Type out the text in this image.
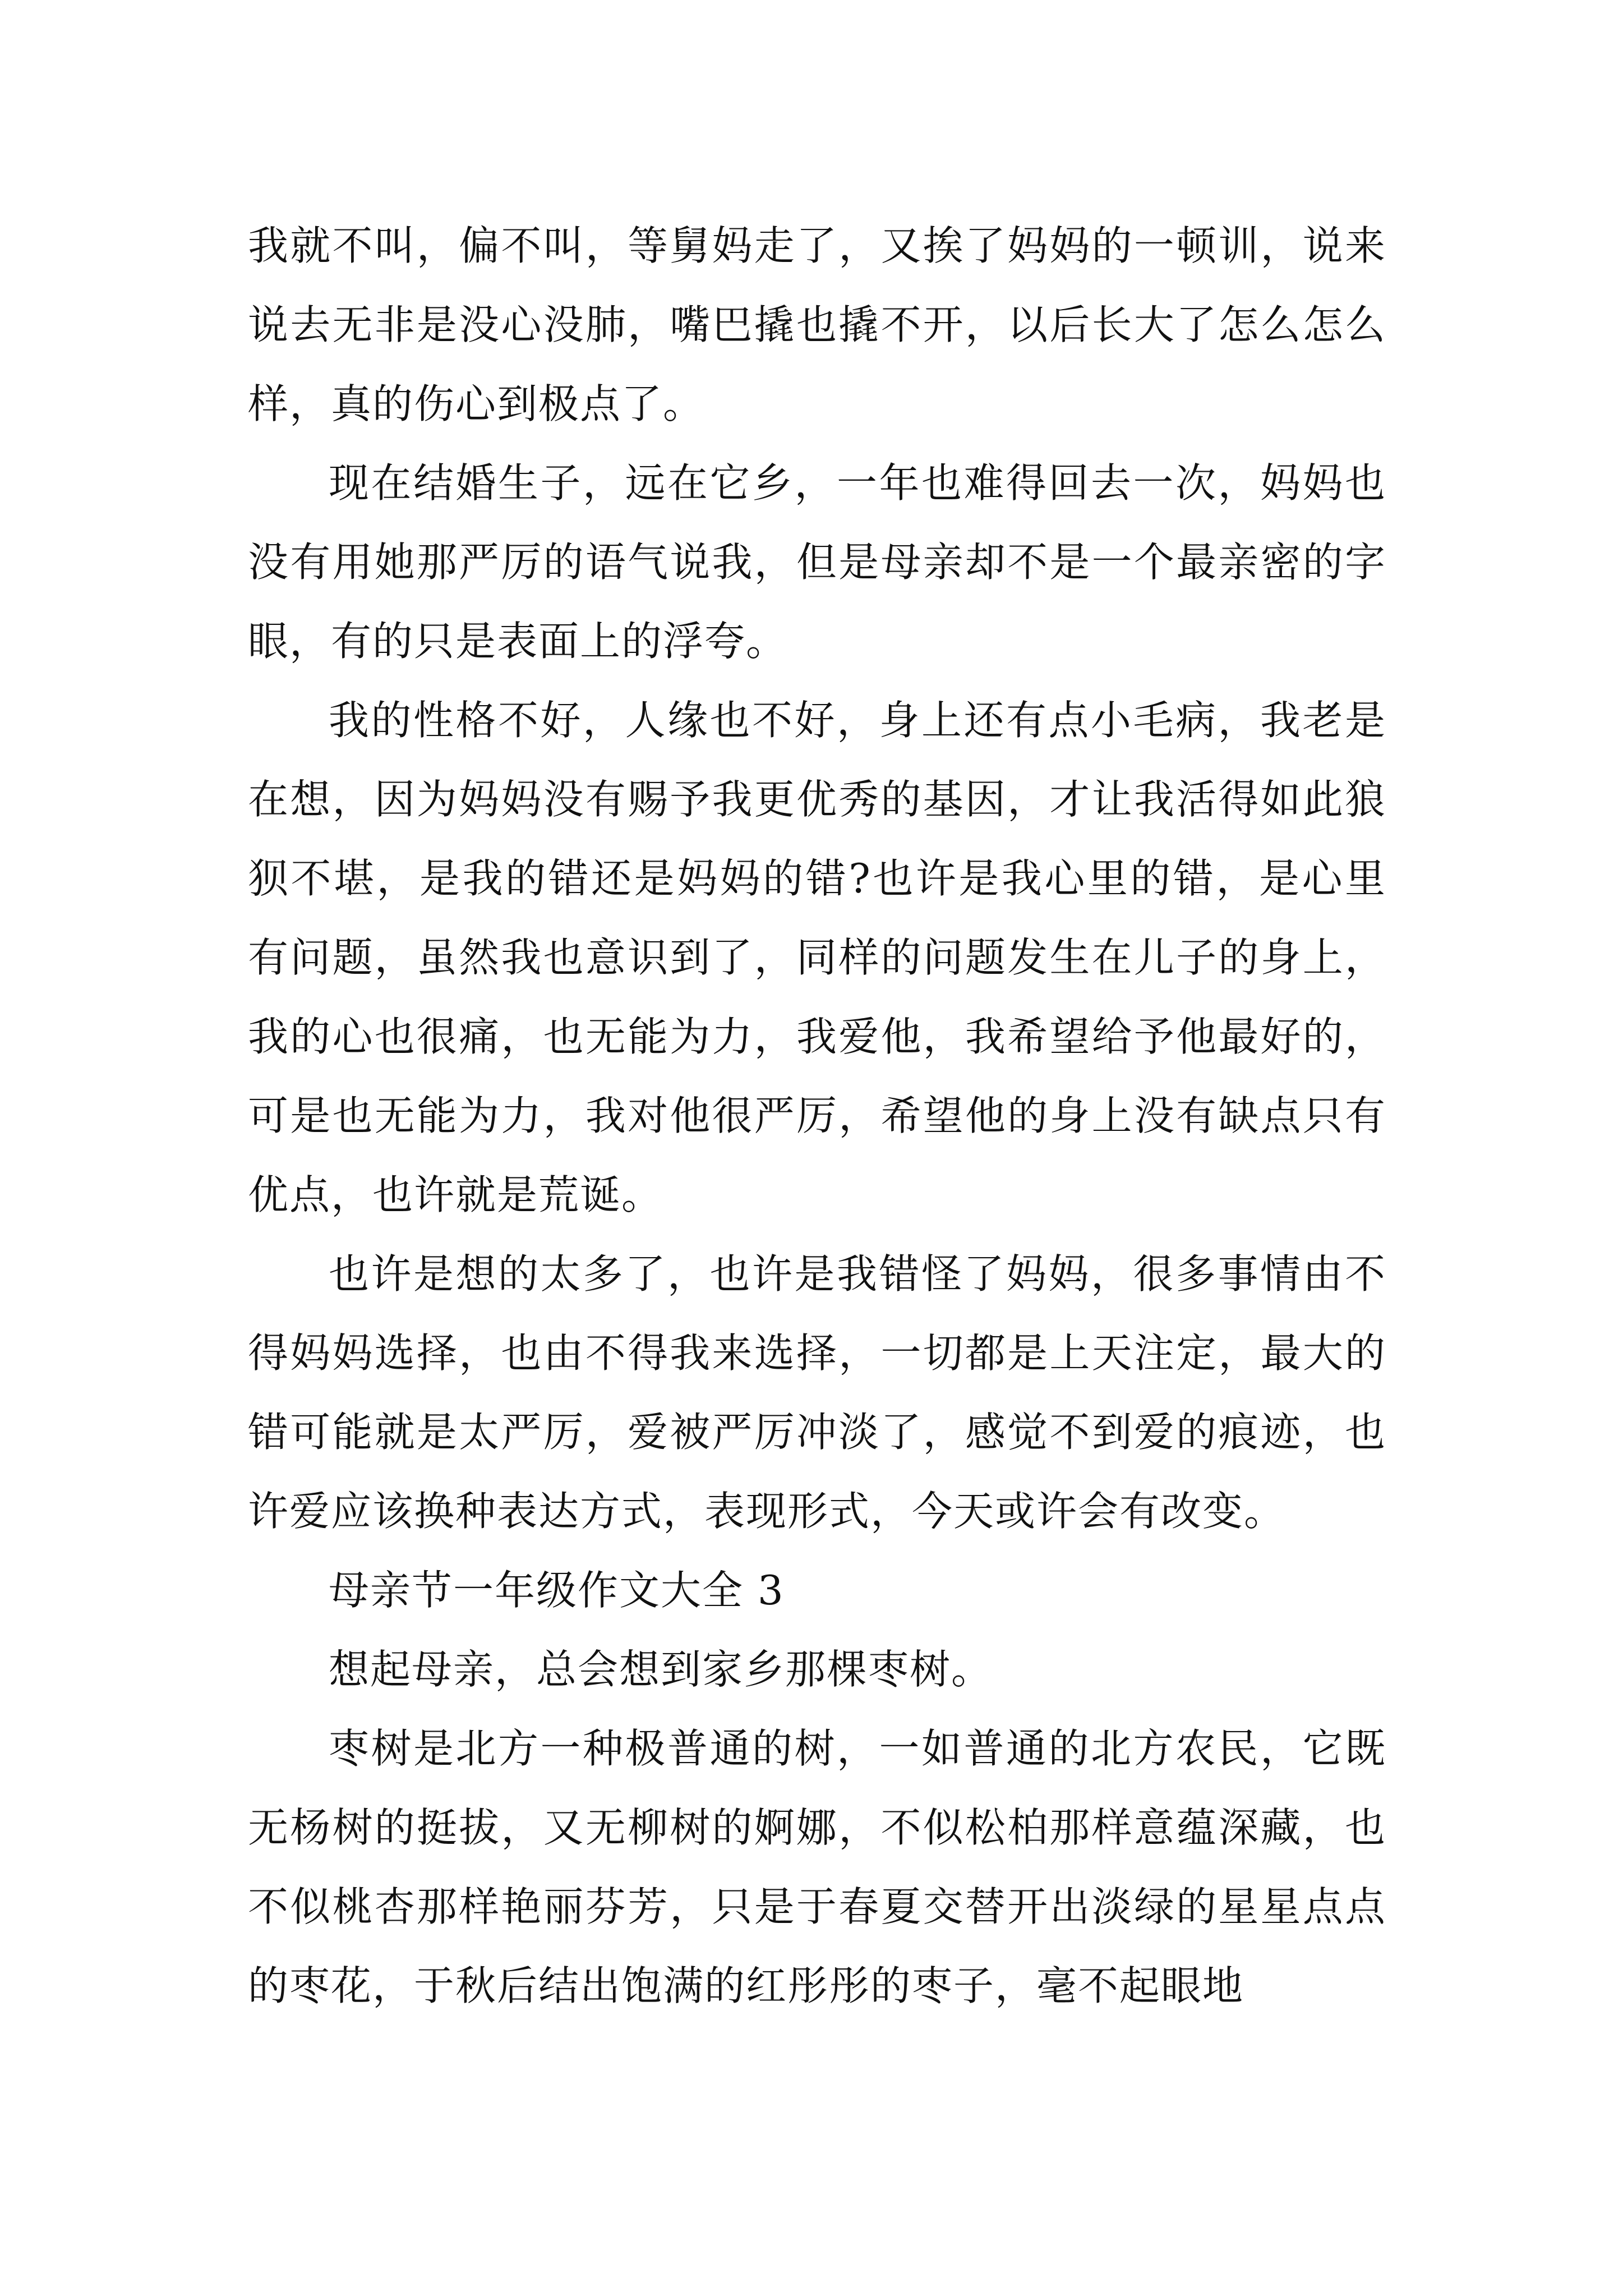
我就不叫，偏不叫，等舅妈走了，又挨了妈妈的一顿训，说来说去无非是没心没肺，嘴巴撬也撬不开，以后长大了怎么怎么样，真的伤心到极点了。

现在结婚生子，远在它乡，一年也难得回去一次，妈妈也没有用她那严厉的语气说我，但是母亲却不是一个最亲密的字眼，有的只是表面上的浮夸。

我的性格不好，人缘也不好，身上还有点小毛病，我老是在想，因为妈妈没有赐予我更优秀的基因，才让我活得如此狼狈不堪，是我的错还是妈妈的错?也许是我心里的错，是心里有问题，虽然我也意识到了，同样的问题发生在儿子的身上，我的心也很痛，也无能为力，我爱他，我希望给予他最好的，可是也无能为力，我对他很严厉，希望他的身上没有缺点只有优点，也许就是荒诞。

也许是想的太多了，也许是我错怪了妈妈，很多事情由不得妈妈选择，也由不得我来选择，一切都是上天注定，最大的错可能就是太严厉，爱被严厉冲淡了，感觉不到爱的痕迹，也许爱应该换种表达方式，表现形式，今天或许会有改变。

母亲节一年级作文大全 3

想起母亲，总会想到家乡那棵枣树。

枣树是北方一种极普通的树，一如普通的北方农民，它既无杨树的挺拔，又无柳树的婀娜，不似松柏那样意蕴深藏，也不似桃杏那样艳丽芬芳，只是于春夏交替开出淡绿的星星点点的枣花，于秋后结出饱满的红彤彤的枣子，毫不起眼地
